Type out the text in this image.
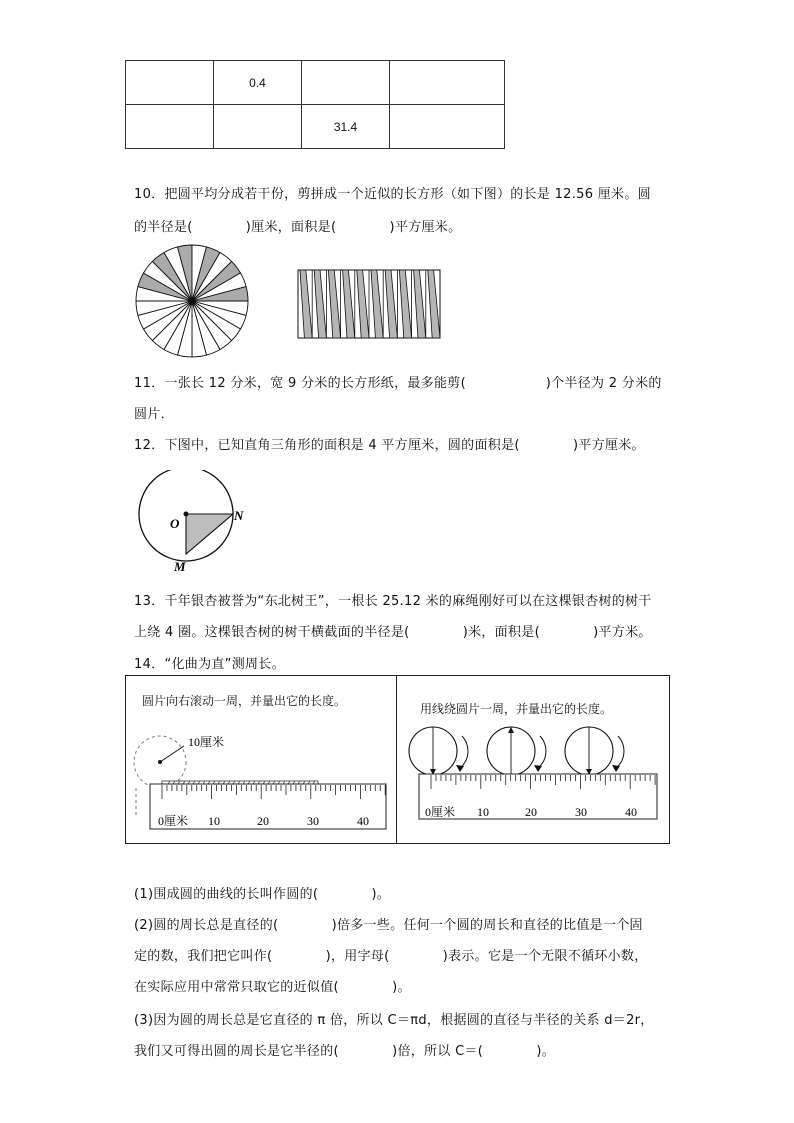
	0.4		
		31.4	
10．把圆平均分成若干份，剪拼成一个近似的长方形（如下图）的长是 12.56 厘米。圆
的半径是(　　　　)厘米，面积是(　　　　)平方厘米。
11．一张长 12 分米，宽 9 分米的长方形纸，最多能剪(　　　　　　)个半径为 2 分米的
圆片．
12．下图中，已知直角三角形的面积是 4 平方厘米，圆的面积是(　　　　)平方厘米。
O
N
M
13．千年银杏被誉为“东北树王”，一根长 25.12 米的麻绳刚好可以在这棵银杏树的树干
上绕 4 圈。这棵银杏树的树干横截面的半径是(　　　　)米，面积是(　　　　)平方米。
14．“化曲为直”测周长。
圆片向右滚动一周，并量出它的长度。
用线绕圆片一周，并量出它的长度。
10厘米
0厘米 10	20	30	40
0厘米 10	20	30	40
(1)围成圆的曲线的长叫作圆的(　　　　)。
(2)圆的周长总是直径的(　　　　)倍多一些。任何一个圆的周长和直径的比值是一个固
定的数，我们把它叫作(　　　　)，用字母(　　　　)表示。它是一个无限不循环小数，
在实际应用中常常只取它的近似值(　　　　)。
(3)因为圆的周长总是它直径的 π 倍，所以 C＝πd，根据圆的直径与半径的关系 d＝2r，
我们又可得出圆的周长是它半径的(　　　　)倍，所以 C＝(　　　　)。
